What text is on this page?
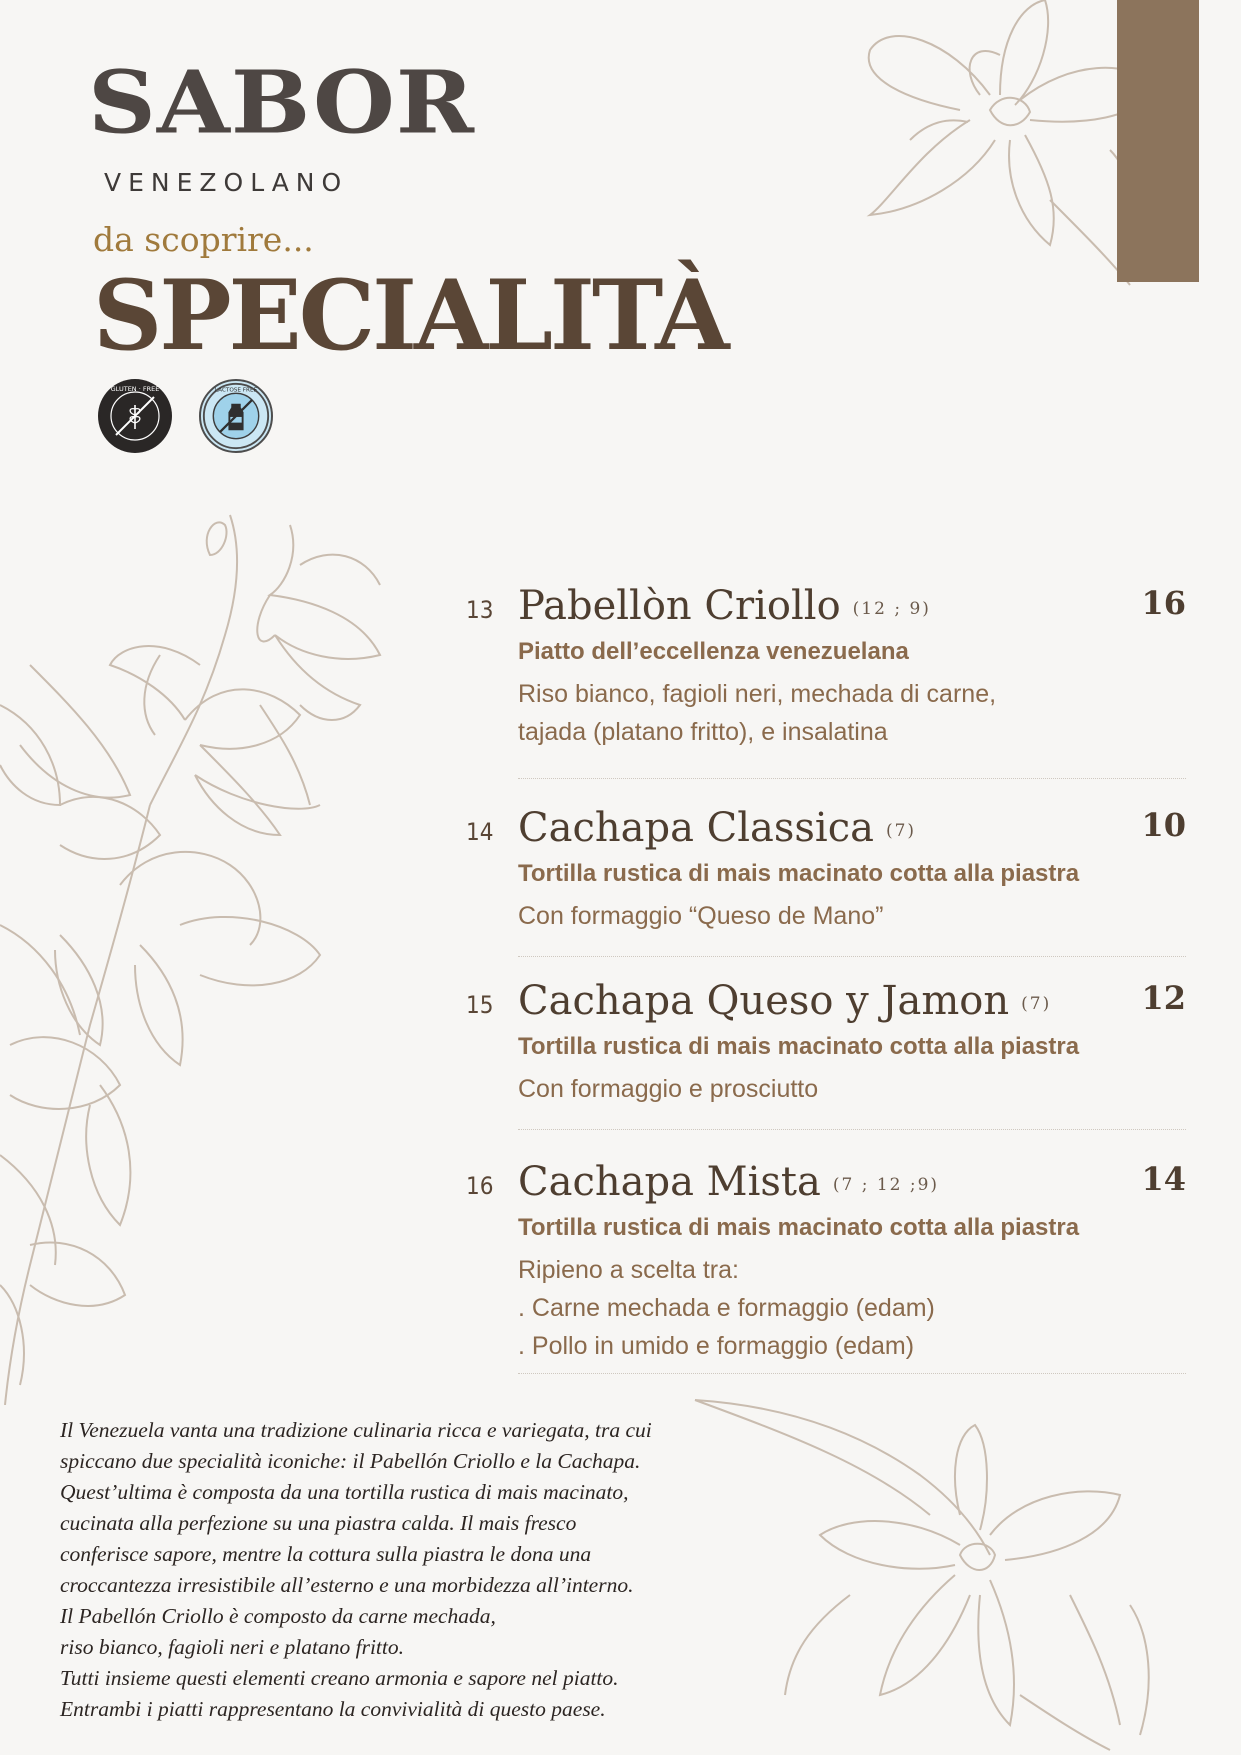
SABOR
VENEZOLANO
da scoprire...
SPECIALITÀ
GLUTEN · FREE	LACTOSE FREE
13 Pabellòn Criollo (12 ; 9)	16
Piatto dell’eccellenza venezuelana
Riso bianco, fagioli neri, mechada di carne,
tajada (platano fritto), e insalatina
14 Cachapa Classica (7)	10
Tortilla rustica di mais macinato cotta alla piastra
Con formaggio “Queso de Mano”
15 Cachapa Queso y Jamon (7)	12
Tortilla rustica di mais macinato cotta alla piastra
Con formaggio e prosciutto
16 Cachapa Mista (7 ; 12 ;9)	14
Tortilla rustica di mais macinato cotta alla piastra
Ripieno a scelta tra:
. Carne mechada e formaggio (edam)
. Pollo in umido e formaggio (edam)
Il Venezuela vanta una tradizione culinaria ricca e variegata, tra cui
spiccano due specialità iconiche: il Pabellón Criollo e la Cachapa.
Quest’ultima è composta da una tortilla rustica di mais macinato,
cucinata alla perfezione su una piastra calda. Il mais fresco
conferisce sapore, mentre la cottura sulla piastra le dona una
croccantezza irresistibile all’esterno e una morbidezza all’interno.
Il Pabellón Criollo è composto da carne mechada,
riso bianco, fagioli neri e platano fritto.
Tutti insieme questi elementi creano armonia e sapore nel piatto.
Entrambi i piatti rappresentano la convivialità di questo paese.
